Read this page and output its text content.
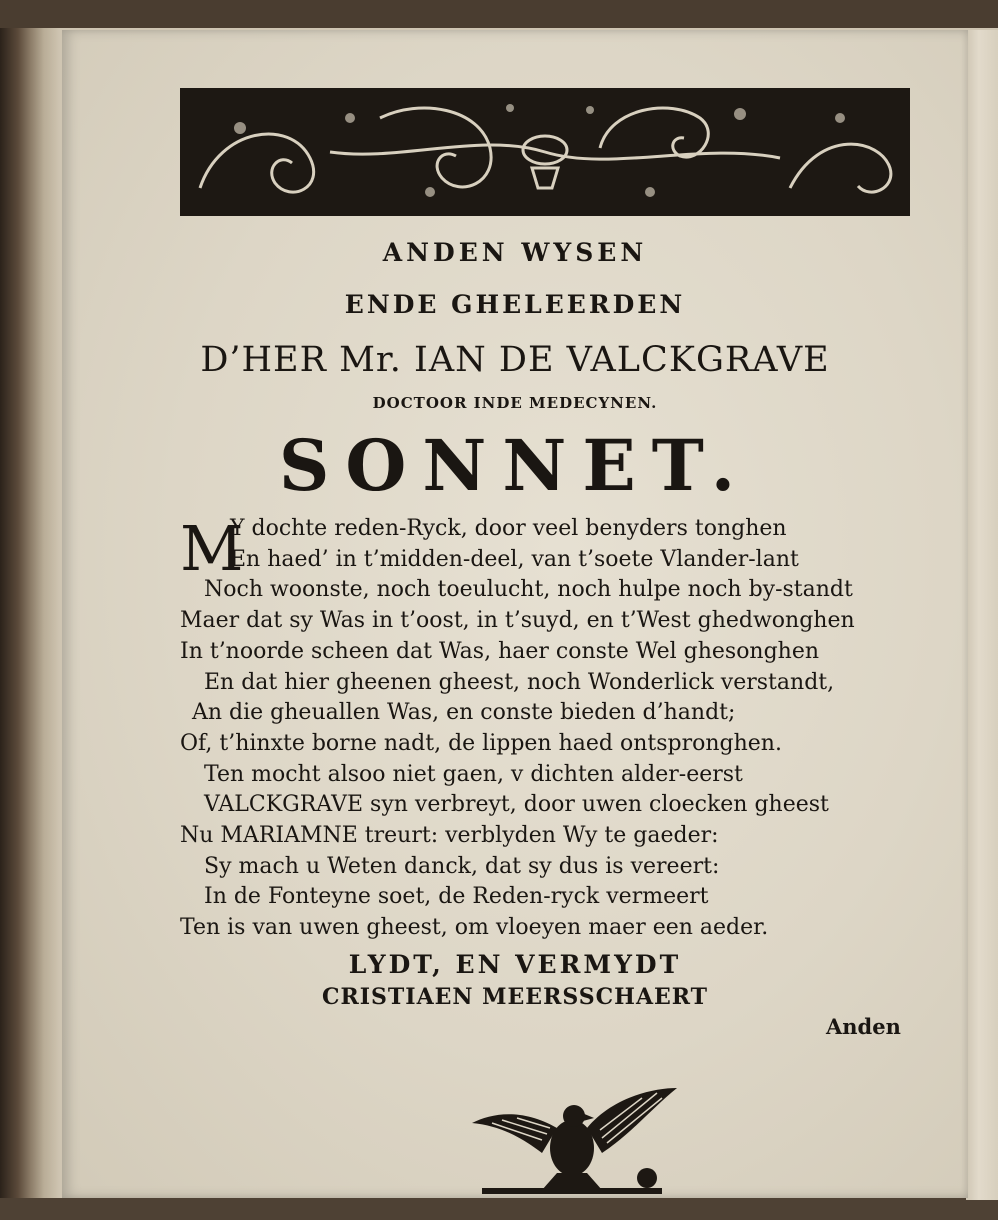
ANDEN WYSEN
ENDE GHELEERDEN
D’HER Mr. IAN DE VALCKGRAVE
DOCTOOR INDE MEDECYNEN.
SONNET.
M
Y dochte reden-Ryck, door veel benyders tonghen
En haed’ in t’midden-deel, van t’soete Vlander-lant
Noch woonste, noch toeulucht, noch hulpe noch by-standt
Maer dat sy Was in t’oost, in t’suyd, en t’West ghedwonghen
In t’noorde scheen dat Was, haer conste Wel ghesonghen
En dat hier gheenen gheest, noch Wonderlick verstandt,
An die gheuallen Was, en conste bieden d’handt;
Of, t’hinxte borne nadt, de lippen haed ontspronghen.
Ten mocht alsoo niet gaen, v dichten alder-eerst
VALCKGRAVE syn verbreyt, door uwen cloecken gheest
Nu MARIAMNE treurt: verblyden Wy te gaeder:
Sy mach u Weten danck, dat sy dus is vereert:
In de Fonteyne soet, de Reden-ryck vermeert
Ten is van uwen gheest, om vloeyen maer een aeder.
LYDT, EN VERMYDT
CRISTIAEN MEERSSCHAERT
Anden
